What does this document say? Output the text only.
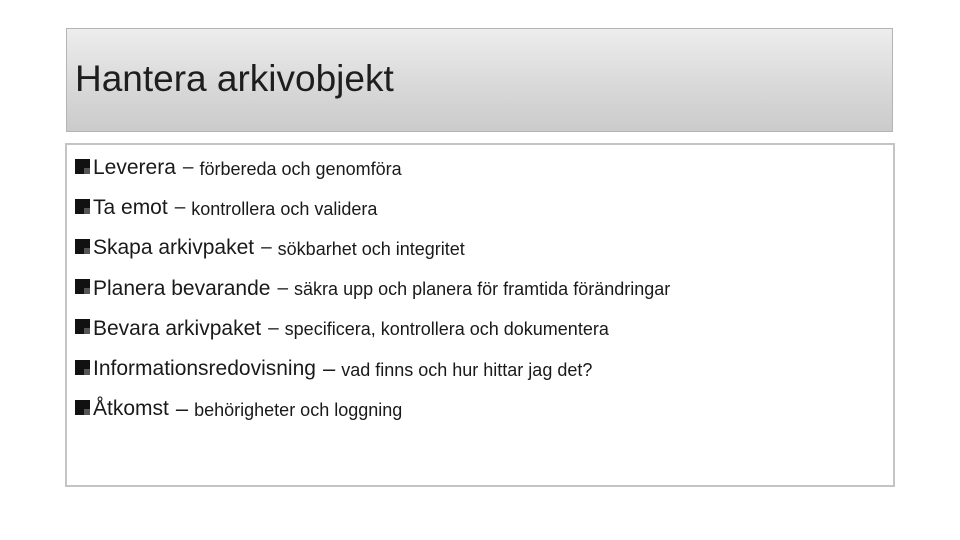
Hantera arkivobjekt
Leverera – förbereda och genomföra
Ta emot – kontrollera och validera
Skapa arkivpaket – sökbarhet och integritet
Planera bevarande – säkra upp och planera för framtida förändringar
Bevara arkivpaket – specificera, kontrollera och dokumentera
Informationsredovisning – vad finns och hur hittar jag det?
Åtkomst – behörigheter och loggning
